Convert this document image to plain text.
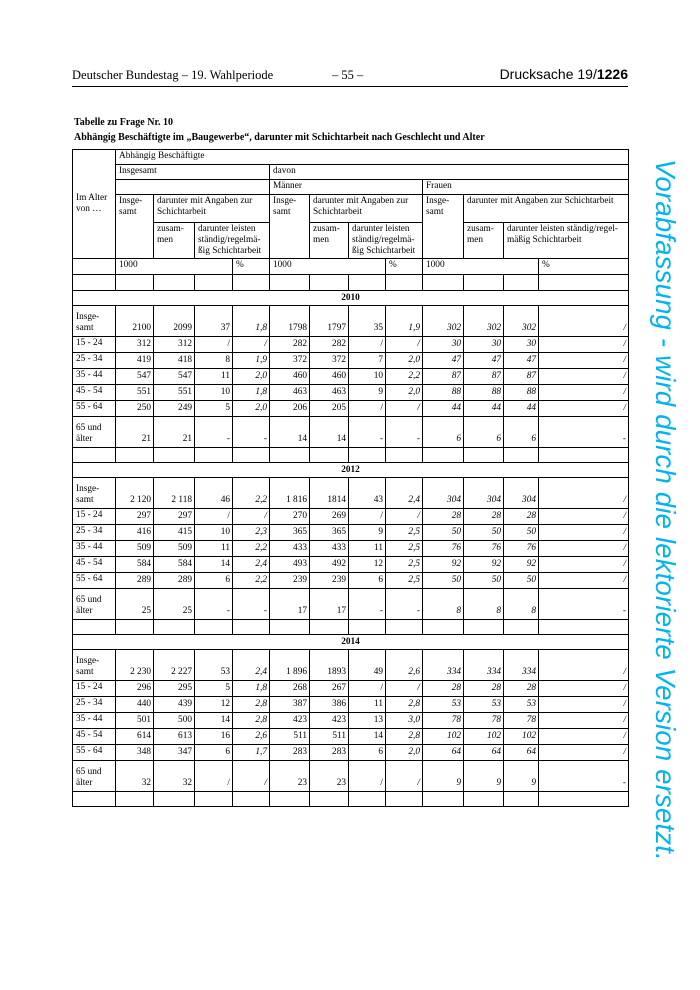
Deutscher Bundestag – 19. Wahlperiode	– 55 –	Drucksache 19/1226
Tabelle zu Frage Nr. 10
Abhängig Beschäftigte im „Baugewerbe“, darunter mit Schichtarbeit nach Geschlecht und Alter
Im Alter von …	Abhängig Beschäftigte												
	Insgesamt				davon								
					Männer				Frauen				
	Insge-samt	darunter mit Angaben zur Schichtarbeit			Insge-samt	darunter mit Angaben zur Schichtarbeit			Insge-samt	darunter mit Angaben zur Schichtarbeit			
		zusam-men	darunter leisten ständig/regelmä-ßig Schichtarbeit			zusam-men	darunter leisten ständig/regelmä-ßig Schichtarbeit			zusam-men	darunter leisten ständig/regel-mäßig Schichtarbeit		
	1000			%	1000			%	1000			%	

2010													
Insge-samt	2100	2099	37	1,8	1798	1797	35	1,9	302	302	302	/	
15 - 24	312	312	/	/	282	282	/	/	30	30	30	/	
25 - 34	419	418	8	1,9	372	372	7	2,0	47	47	47	/	
35 - 44	547	547	11	2,0	460	460	10	2,2	87	87	87	/	
45 - 54	551	551	10	1,8	463	463	9	2,0	88	88	88	/	
55 - 64	250	249	5	2,0	206	205	/	/	44	44	44	/	
65 und älter	21	21	-	-	14	14	-	-	6	6	6	-	

2012													
Insge-samt	2 120	2 118	46	2,2	1 816	1814	43	2,4	304	304	304	/	
15 - 24	297	297	/	/	270	269	/	/	28	28	28	/	
25 - 34	416	415	10	2,3	365	365	9	2,5	50	50	50	/	
35 - 44	509	509	11	2,2	433	433	11	2,5	76	76	76	/	
45 - 54	584	584	14	2,4	493	492	12	2,5	92	92	92	/	
55 - 64	289	289	6	2,2	239	239	6	2,5	50	50	50	/	
65 und älter	25	25	-	-	17	17	-	-	8	8	8	-	

2014													
Insge-samt	2 230	2 227	53	2,4	1 896	1893	49	2,6	334	334	334	/	
15 - 24	296	295	5	1,8	268	267	/	/	28	28	28	/	
25 - 34	440	439	12	2,8	387	386	11	2,8	53	53	53	/	
35 - 44	501	500	14	2,8	423	423	13	3,0	78	78	78	/	
45 - 54	614	613	16	2,6	511	511	14	2,8	102	102	102	/	
55 - 64	348	347	6	1,7	283	283	6	2,0	64	64	64	/	
65 und älter	32	32	/	/	23	23	/	/	9	9	9	-	
												Vorabfassung - wird durch die lektorierte Version ersetzt.
